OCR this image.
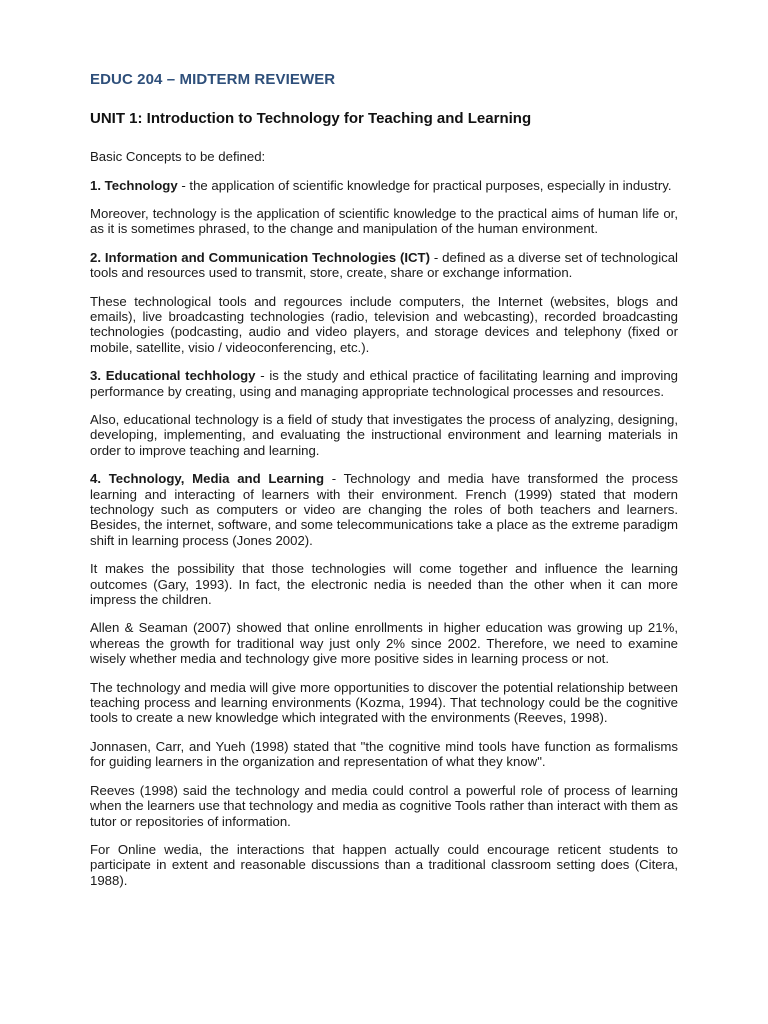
EDUC 204 – MIDTERM REVIEWER
UNIT 1: Introduction to Technology for Teaching and Learning

Basic Concepts to be defined:

1. Technology - the application of scientific knowledge for practical purposes, especially in industry.

Moreover, technology is the application of scientific knowledge to the practical aims of human life or, as it is sometimes phrased, to the change and manipulation of the human environment.

2. Information and Communication Technologies (ICT) - defined as a diverse set of technological tools and resources used to transmit, store, create, share or exchange information.

These technological tools and regources include computers, the Internet (websites, blogs and emails), live broadcasting technologies (radio, television and webcasting), recorded broadcasting technologies (podcasting, audio and video players, and storage devices and telephony (fixed or mobile, satellite, visio / videoconferencing, etc.).

3. Educational techhology - is the study and ethical practice of facilitating learning and improving performance by creating, using and managing appropriate technological processes and resources.

Also, educational technology is a field of study that investigates the process of analyzing, designing, developing, implementing, and evaluating the instructional environment and learning materials in order to improve teaching and learning.

4. Technology, Media and Learning - Technology and media have transformed the process learning and interacting of learners with their environment. French (1999) stated that modern technology such as computers or video are changing the roles of both teachers and learners. Besides, the internet, software, and some telecommunications take a place as the extreme paradigm shift in learning process (Jones 2002).

It makes the possibility that those technologies will come together and influence the learning outcomes (Gary, 1993). In fact, the electronic nedia is needed than the other when it can more impress the children.

Allen & Seaman (2007) showed that online enrollments in higher education was growing up 21%, whereas the growth for traditional way just only 2% since 2002. Therefore, we need to examine wisely whether media and technology give more positive sides in learning process or not.

The technology and media will give more opportunities to discover the potential relationship between teaching process and learning environments (Kozma, 1994). That technology could be the cognitive tools to create a new knowledge which integrated with the environments (Reeves, 1998).

Jonnasen, Carr, and Yueh (1998) stated that "the cognitive mind tools have function as formalisms for guiding learners in the organization and representation of what they know".

Reeves (1998) said the technology and media could control a powerful role of process of learning when the learners use that technology and media as cognitive Tools rather than interact with them as tutor or repositories of information.

For Online wedia, the interactions that happen actually could encourage reticent students to participate in extent and reasonable discussions than a traditional classroom setting does (Citera, 1988).
